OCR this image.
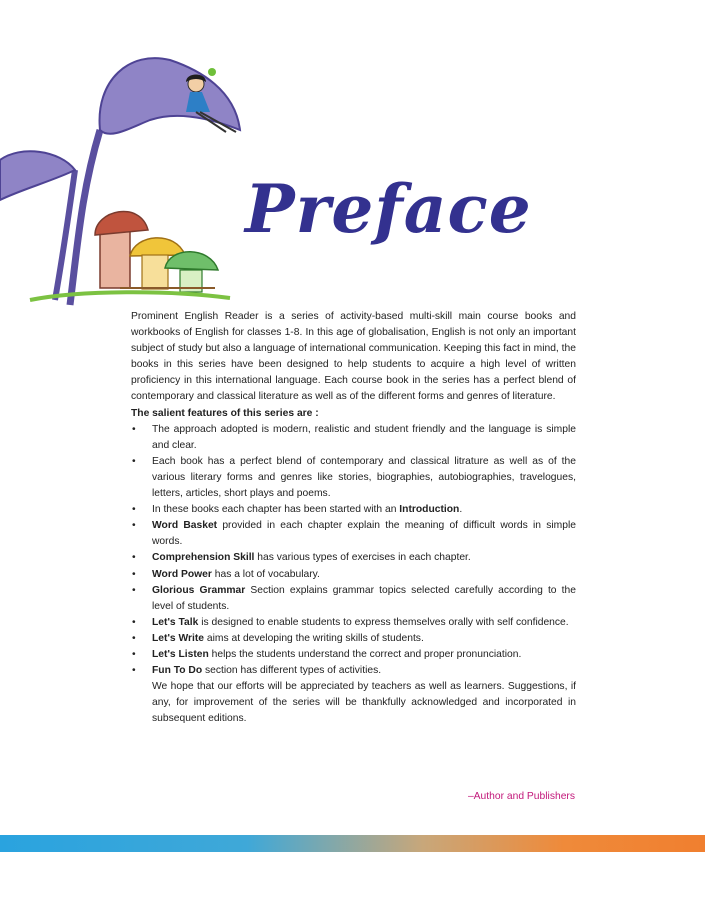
Preface

Prominent English Reader is a series of activity-based multi-skill main course books and workbooks of English for classes 1-8. In this age of globalisation, English is not only an important subject of study but also a language of international communication. Keeping this fact in mind, the books in this series have been designed to help students to acquire a high level of written proficiency in this international language. Each course book in the series has a perfect blend of contemporary and classical literature as well as of the different forms and genres of literature.

The salient features of this series are :

• The approach adopted is modern, realistic and student friendly and the language is simple and clear.
• Each book has a perfect blend of contemporary and classical litrature as well as of the various literary forms and genres like stories, biographies, autobiographies, travelogues, letters, articles, short plays and poems.
• In these books each chapter has been started with an Introduction.
• Word Basket provided in each chapter explain the meaning of difficult words in simple words.
• Comprehension Skill has various types of exercises in each chapter.
• Word Power has a lot of vocabulary.
• Glorious Grammar Section explains grammar topics selected carefully according to the level of students.
• Let's Talk is designed to enable students to express themselves orally with self confidence.
• Let's Write aims at developing the writing skills of students.
• Let's Listen helps the students understand the correct and proper pronunciation.
• Fun To Do section has different types of activities.

We hope that our efforts will be appreciated by teachers as well as learners. Suggestions, if any, for improvement of the series will be thankfully acknowledged and incorporated in subsequent editions.

–Author and Publishers
